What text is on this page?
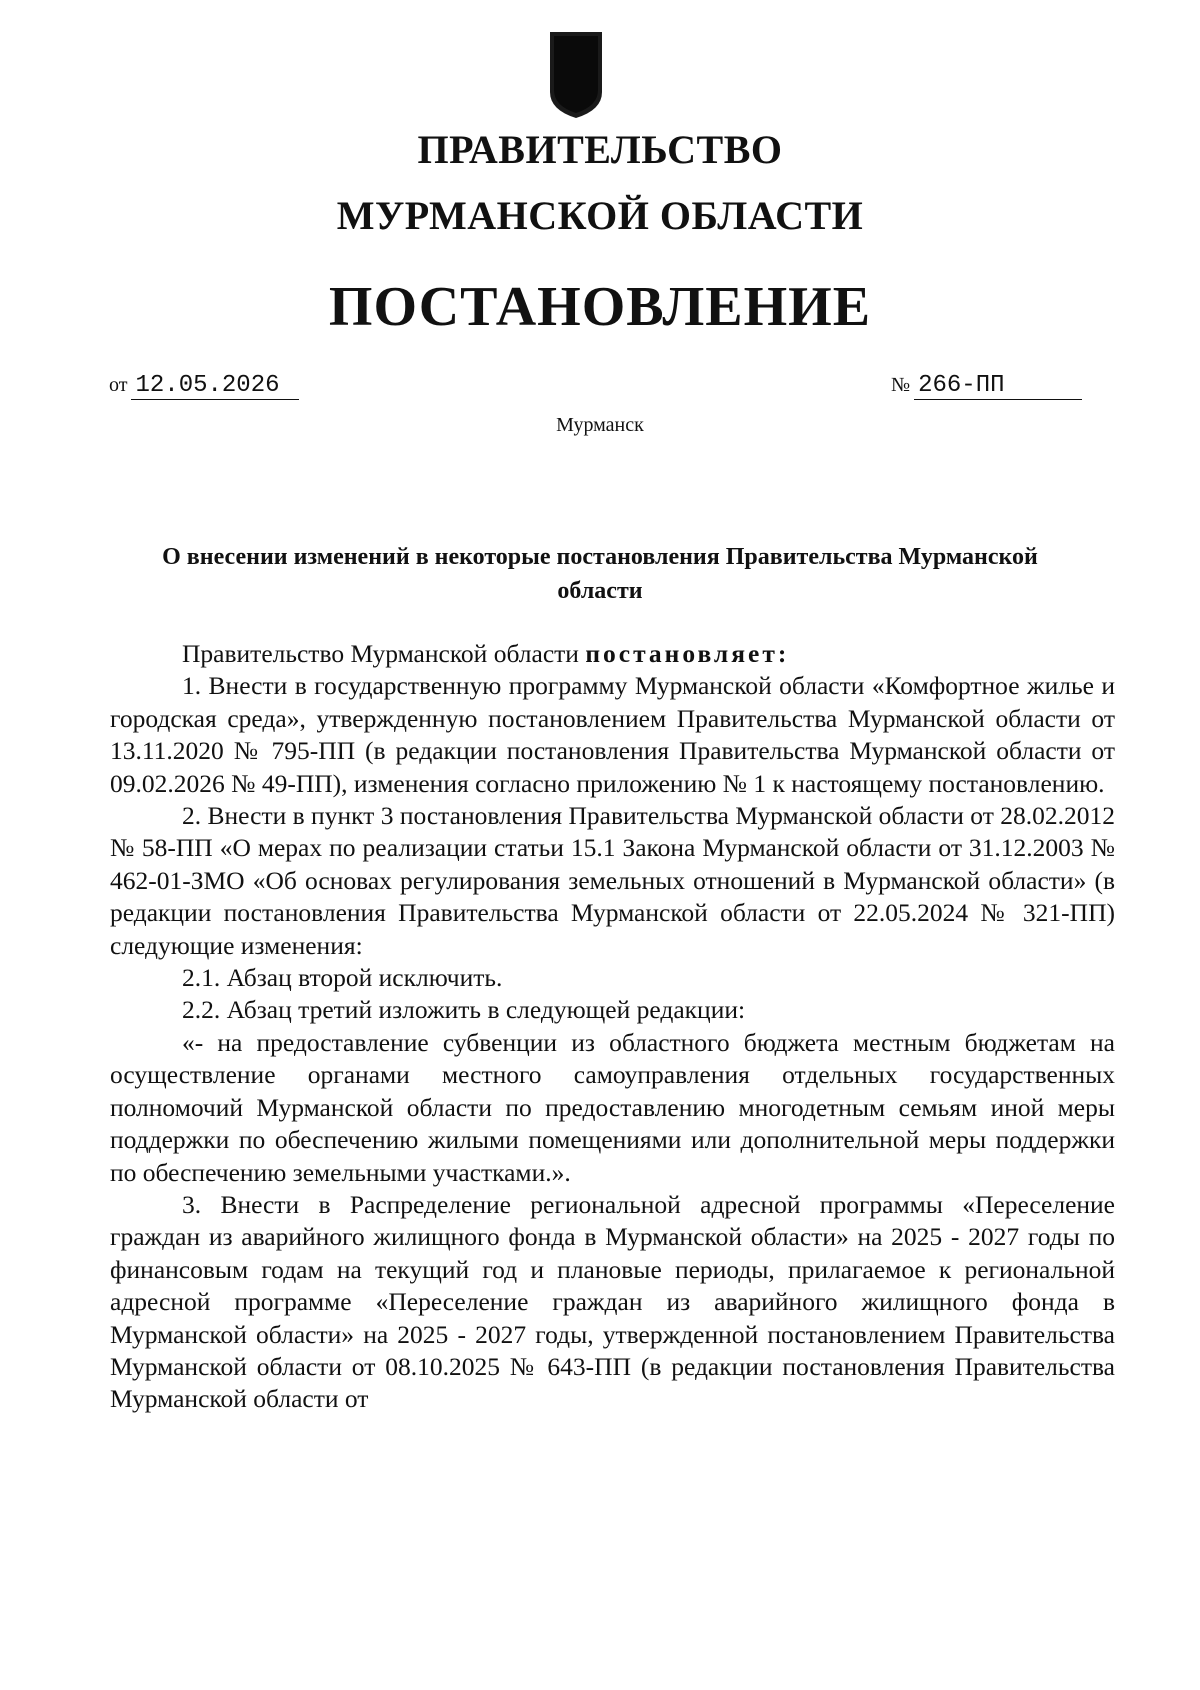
ПРАВИТЕЛЬСТВО
МУРМАНСКОЙ ОБЛАСТИ
ПОСТАНОВЛЕНИЕ
от 12.05.2026	№ 266-ПП

Мурманск

О внесении изменений в некоторые постановления Правительства Мурманской области

Правительство Мурманской области постановляет:

1. Внести в государственную программу Мурманской области «Комфортное жилье и городская среда», утвержденную постановлением Правительства Мурманской области от 13.11.2020 № 795-ПП (в редакции постановления Правительства Мурманской области от 09.02.2026 № 49-ПП), изменения согласно приложению № 1 к настоящему постановлению.

2. Внести в пункт 3 постановления Правительства Мурманской области от 28.02.2012 № 58-ПП «О мерах по реализации статьи 15.1 Закона Мурманской области от 31.12.2003 № 462-01-ЗМО «Об основах регулирования земельных отношений в Мурманской области» (в редакции постановления Правительства Мурманской области от 22.05.2024 № 321-ПП) следующие изменения:

2.1. Абзац второй исключить.

2.2. Абзац третий изложить в следующей редакции:

«- на предоставление субвенции из областного бюджета местным бюджетам на осуществление органами местного самоуправления отдельных государственных полномочий Мурманской области по предоставлению многодетным семьям иной меры поддержки по обеспечению жилыми помещениями или дополнительной меры поддержки по обеспечению земельными участками.».

3. Внести в Распределение региональной адресной программы «Переселение граждан из аварийного жилищного фонда в Мурманской области» на 2025 - 2027 годы по финансовым годам на текущий год и плановые периоды, прилагаемое к региональной адресной программе «Переселение граждан из аварийного жилищного фонда в Мурманской области» на 2025 - 2027 годы, утвержденной постановлением Правительства Мурманской области от 08.10.2025 № 643-ПП (в редакции постановления Правительства Мурманской области от
